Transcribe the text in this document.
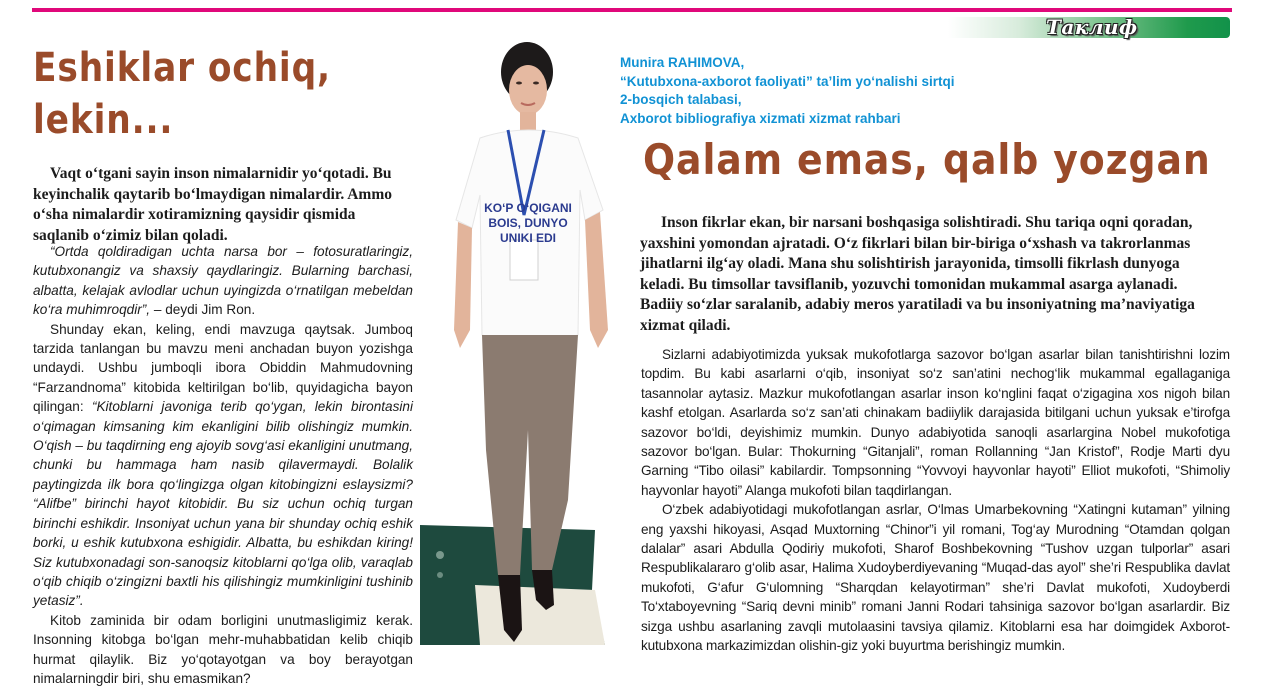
Таклиф
Eshiklar ochiq,
lekin...
Vaqt o‘tgani sayin inson nimalarnidir yo‘qotadi. Bu keyinchalik qaytarib bo‘lmaydigan nimalardir. Ammo o‘sha nimalardir xotiramizning qaysidir qismida saqlanib o‘zimiz bilan qoladi.

“Ortda qoldiradigan uchta narsa bor – fotosuratlaringiz, kutubxonangiz va shaxsiy qaydlaringiz. Bularning barchasi, albatta, kelajak avlodlar uchun uyingizda o‘rnatilgan mebeldan ko‘ra muhimroqdir”, – deydi Jim Ron.

Shunday ekan, keling, endi mavzuga qaytsak. Jumboq tarzida tanlangan bu mavzu meni anchadan buyon yozishga undaydi. Ushbu jumboqli ibora Obiddin Mahmudovning “Farzandnoma” kitobida keltirilgan bo‘lib, quyidagicha bayon qilingan: “Kitoblarni javoniga terib qo‘ygan, lekin birontasini o‘qimagan kimsaning kim ekanligini bilib olishingiz mumkin. O‘qish – bu taqdirning eng ajoyib sovg‘asi ekanligini unutmang, chunki bu hammaga ham nasib qilavermaydi. Bolalik paytingizda ilk bora qo‘lingizga olgan kitobingizni eslaysizmi? “Alifbe” birinchi hayot kitobidir. Bu siz uchun ochiq turgan birinchi eshikdir. Insoniyat uchun yana bir shunday ochiq eshik borki, u eshik kutubxona eshigidir. Albatta, bu eshikdan kiring! Siz kutubxonadagi son-sanoqsiz kitoblarni qo‘lga olib, varaqlab o‘qib chiqib o‘zingizni baxtli his qilishingiz mumkinligini tushinib yetasiz”.

Kitob zaminida bir odam borligini unutmasligimiz kerak. Insonning kitobga bo‘lgan mehr-muhabbatidan kelib chiqib hurmat qilaylik. Biz yo‘qotayotgan va boy berayotgan nimalarningdir biri, shu emasmikan?

KO‘P O‘QIGANI
BOIS, DUNYO
UNIKI EDI
Munira RAHIMOVA,
“Kutubxona-axborot faoliyati” ta’lim yo‘nalishi sirtqi
2-bosqich talabasi,
Axborot bibliografiya xizmati xizmat rahbari
Qalam emas, qalb yozgan
Inson fikrlar ekan, bir narsani boshqasiga solishtiradi. Shu tariqa oqni qoradan, yaxshini yomondan ajratadi. O‘z fikrlari bilan bir-biriga o‘xshash va takrorlanmas jihatlarni ilg‘ay oladi. Mana shu solishtirish jarayonida, timsolli fikrlash dunyoga keladi. Bu timsollar tavsiflanib, yozuvchi tomonidan mukammal asarga aylanadi. Badiiy so‘zlar saralanib, adabiy meros yaratiladi va bu insoniyatning ma’naviyatiga xizmat qiladi.

Sizlarni adabiyotimizda yuksak mukofotlarga sazovor bo‘lgan asarlar bilan tanishtirishni lozim topdim. Bu kabi asarlarni o‘qib, insoniyat so‘z san’atini nechog‘lik mukammal egallaganiga tasannolar aytasiz. Mazkur mukofotlangan asarlar inson ko‘nglini faqat o‘zigagina xos nigoh bilan kashf etolgan. Asarlarda so‘z san’ati chinakam badiiylik darajasida bitilgani uchun yuksak e’tirofga sazovor bo‘ldi, deyishimiz mumkin. Dunyo adabiyotida sanoqli asarlargina Nobel mukofotiga sazovor bo‘lgan. Bular: Thokurning “Gitanjali”, roman Rollanning “Jan Kristof”, Rodje Marti dyu Garning “Tibo oilasi” kabilardir. Tompsonning “Yovvoyi hayvonlar hayoti” Elliot mukofoti, “Shimoliy hayvonlar hayoti” Alanga mukofoti bilan taqdirlangan.

O‘zbek adabiyotidagi mukofotlangan asrlar, O‘lmas Umarbekovning “Xatingni kutaman” yilning eng yaxshi hikoyasi, Asqad Muxtorning “Chinor”i yil romani, Tog‘ay Murodning “Otamdan qolgan dalalar” asari Abdulla Qodiriy mukofoti, Sharof Boshbekovning “Tushov uzgan tulporlar” asari Respublikalararo g‘olib asar, Halima Xudoyberdiyevaning “Muqad-das ayol” she’ri Respublika davlat mukofoti, G‘afur G‘ulomning “Sharqdan kelayotirman” she’ri Davlat mukofoti, Xudoyberdi To‘xtaboyevning “Sariq devni minib” romani Janni Rodari tahsiniga sazovor bo‘lgan asarlardir. Biz sizga ushbu asarlaning zavqli mutolaasini tavsiya qilamiz. Kitoblarni esa har doimgidek Axborot-kutubxona markazimizdan olishin-giz yoki buyurtma berishingiz mumkin.
